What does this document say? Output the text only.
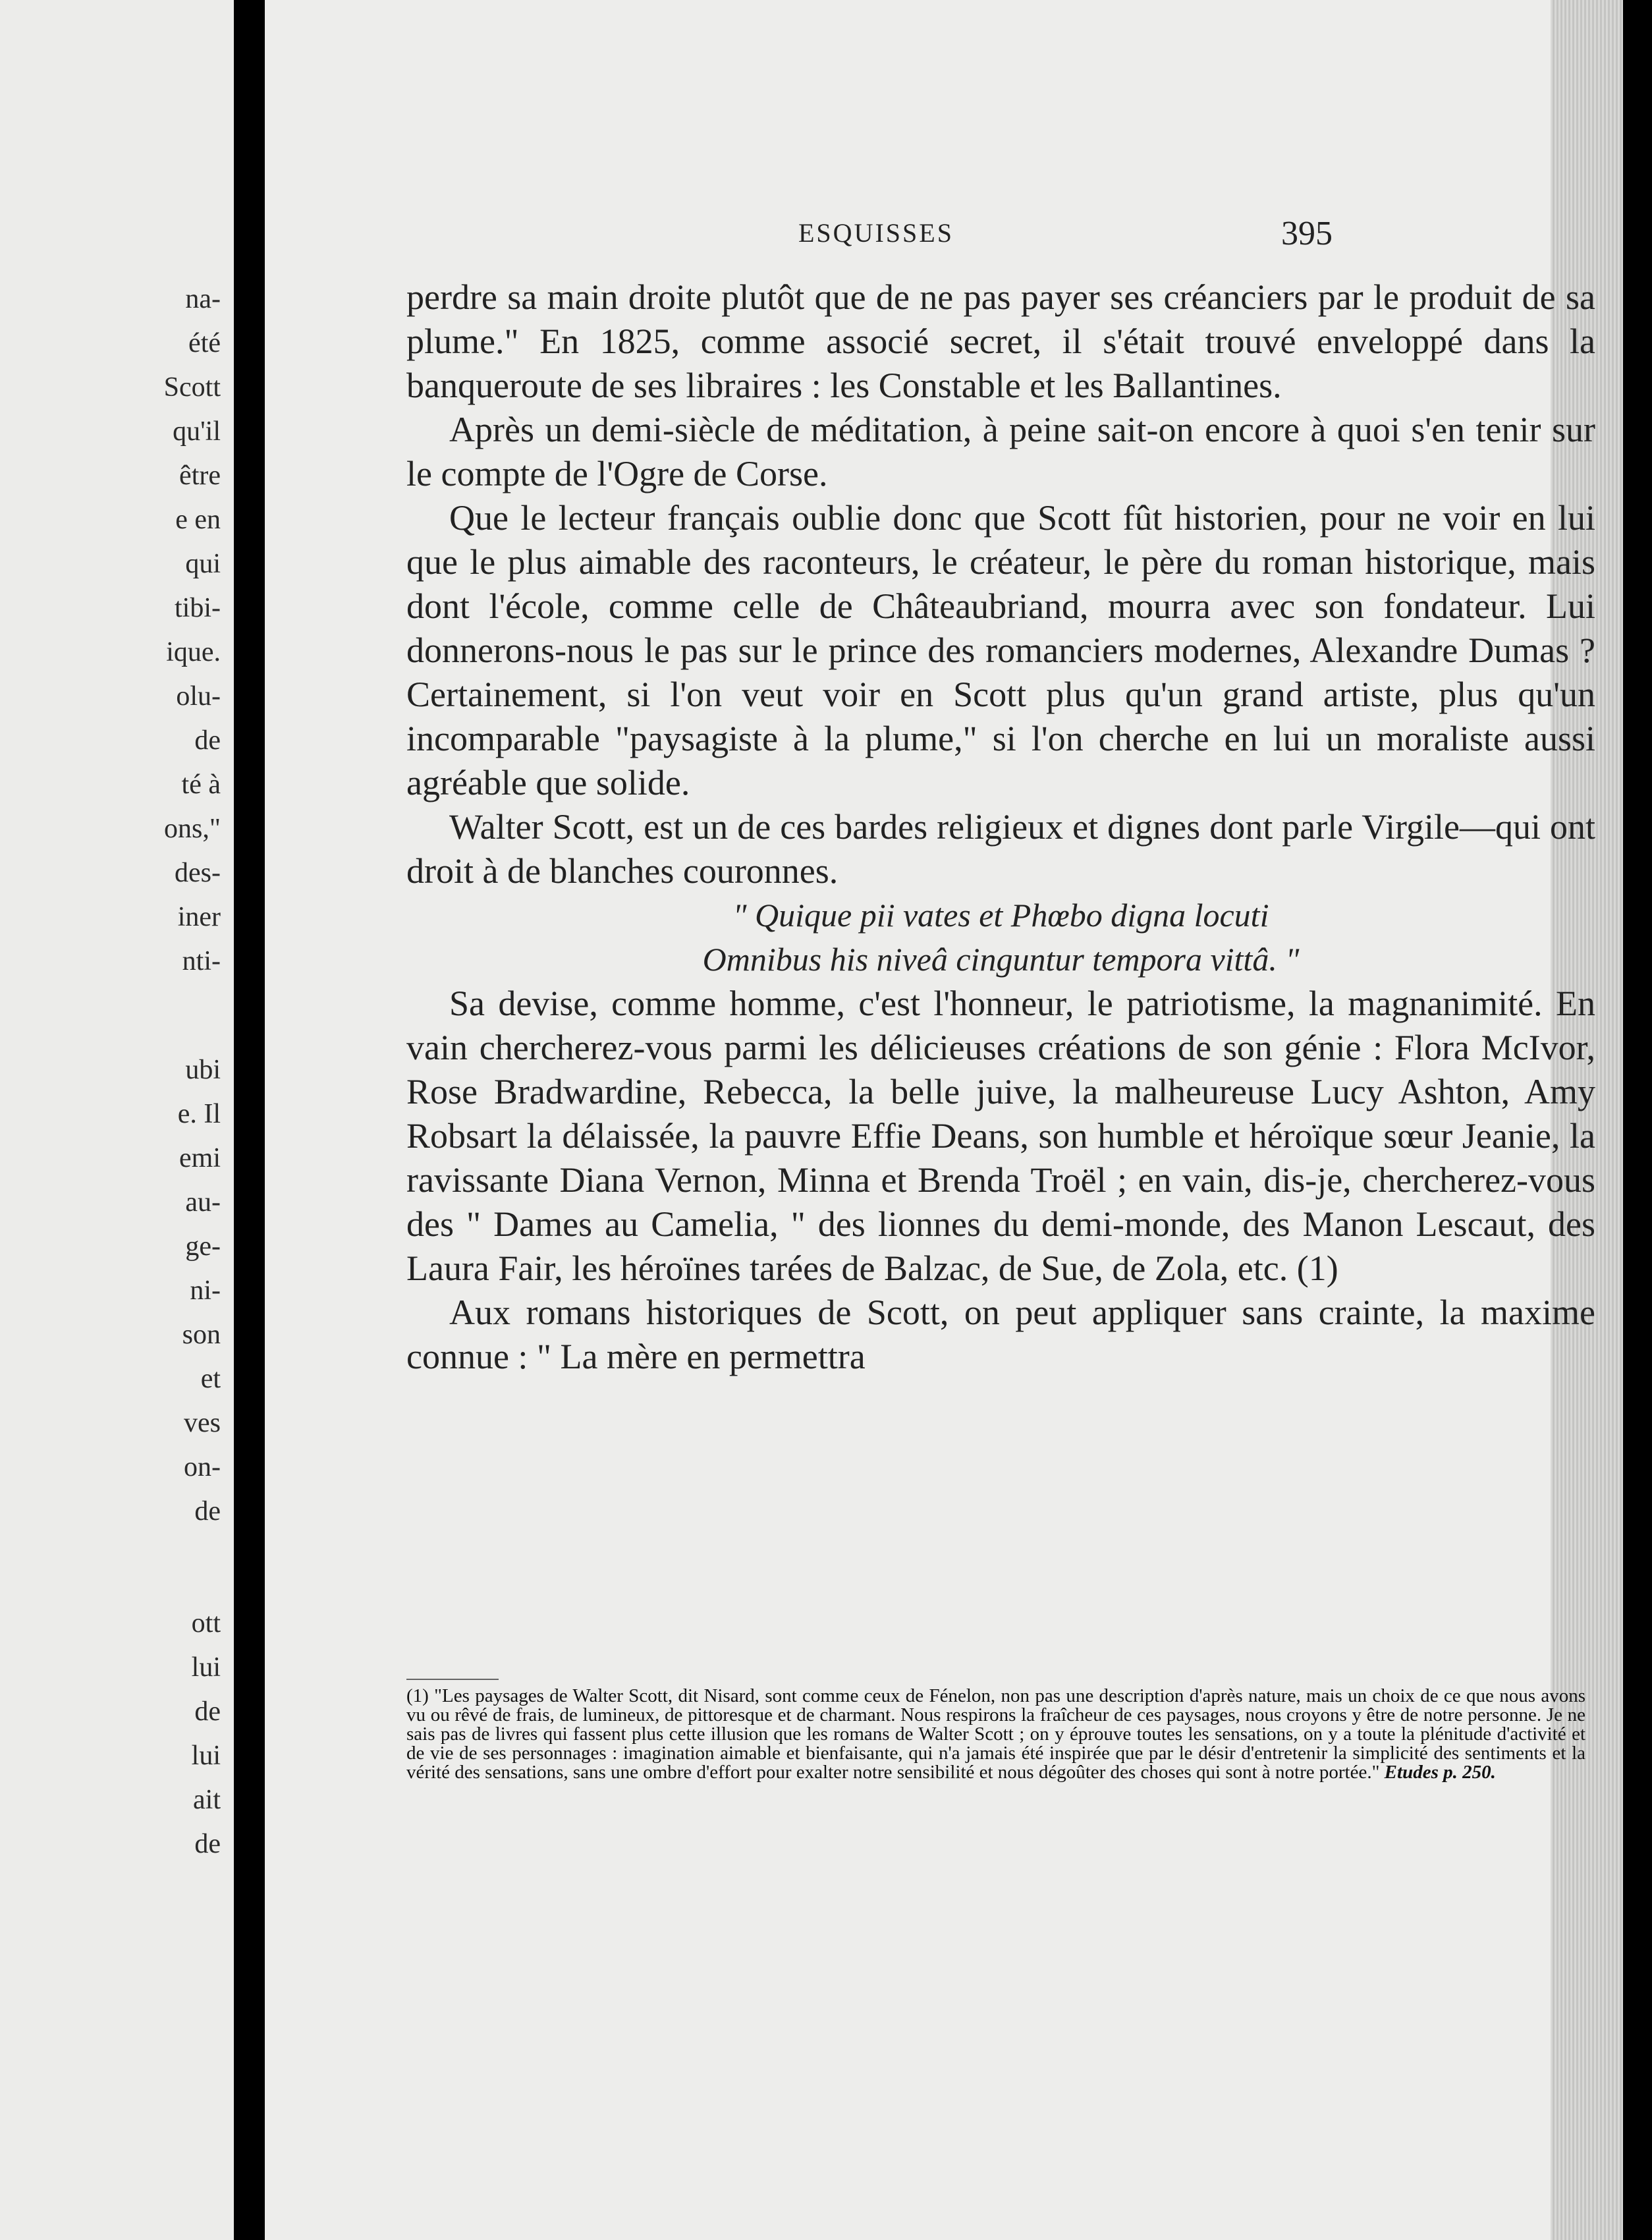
na-
été
Scott
qu'il
être
e en
qui
tibi-
ique.
olu-
de
té à
ons,"
des-
iner
nti-
ubi
e. Il
emi
au-
ge-
ni-
son
et
ves
on-
de
ott
lui
de
lui
ait
de
ESQUISSES	395

perdre sa main droite plutôt que de ne pas payer ses créanciers par le produit de sa plume." En 1825, comme associé secret, il s'était trouvé enveloppé dans la banqueroute de ses libraires : les Constable et les Ballantines.

Après un demi-siècle de méditation, à peine sait-on encore à quoi s'en tenir sur le compte de l'Ogre de Corse.

Que le lecteur français oublie donc que Scott fût historien, pour ne voir en lui que le plus aimable des raconteurs, le créateur, le père du roman historique, mais dont l'école, comme celle de Châteaubriand, mourra avec son fondateur. Lui donnerons-nous le pas sur le prince des romanciers modernes, Alexandre Dumas ? Certainement, si l'on veut voir en Scott plus qu'un grand artiste, plus qu'un incomparable "paysagiste à la plume," si l'on cherche en lui un moraliste aussi agréable que solide.

Walter Scott, est un de ces bardes religieux et dignes dont parle Virgile—qui ont droit à de blanches couronnes.

" Quique pii vates et Phœbo digna locuti
Omnibus his niveâ cinguntur tempora vittâ. "

Sa devise, comme homme, c'est l'honneur, le patriotisme, la magnanimité. En vain chercherez-vous parmi les délicieuses créations de son génie : Flora McIvor, Rose Bradwardine, Rebecca, la belle juive, la malheureuse Lucy Ashton, Amy Robsart la délaissée, la pauvre Effie Deans, son humble et héroïque sœur Jeanie, la ravissante Diana Vernon, Minna et Brenda Troël ; en vain, dis-je, chercherez-vous des " Dames au Camelia, " des lionnes du demi-monde, des Manon Lescaut, des Laura Fair, les héroïnes tarées de Balzac, de Sue, de Zola, etc. (1)

Aux romans historiques de Scott, on peut appliquer sans crainte, la maxime connue : " La mère en permettra

(1) "Les paysages de Walter Scott, dit Nisard, sont comme ceux de Fénelon, non pas une description d'après nature, mais un choix de ce que nous avons vu ou rêvé de frais, de lumineux, de pittoresque et de charmant. Nous respirons la fraîcheur de ces paysages, nous croyons y être de notre personne. Je ne sais pas de livres qui fassent plus cette illusion que les romans de Walter Scott ; on y éprouve toutes les sensations, on y a toute la plénitude d'activité et de vie de ses personnages : imagination aimable et bienfaisante, qui n'a jamais été inspirée que par le désir d'entretenir la simplicité des sentiments et la vérité des sensations, sans une ombre d'effort pour exalter notre sensibilité et nous dégoûter des choses qui sont à notre portée." Etudes p. 250.
